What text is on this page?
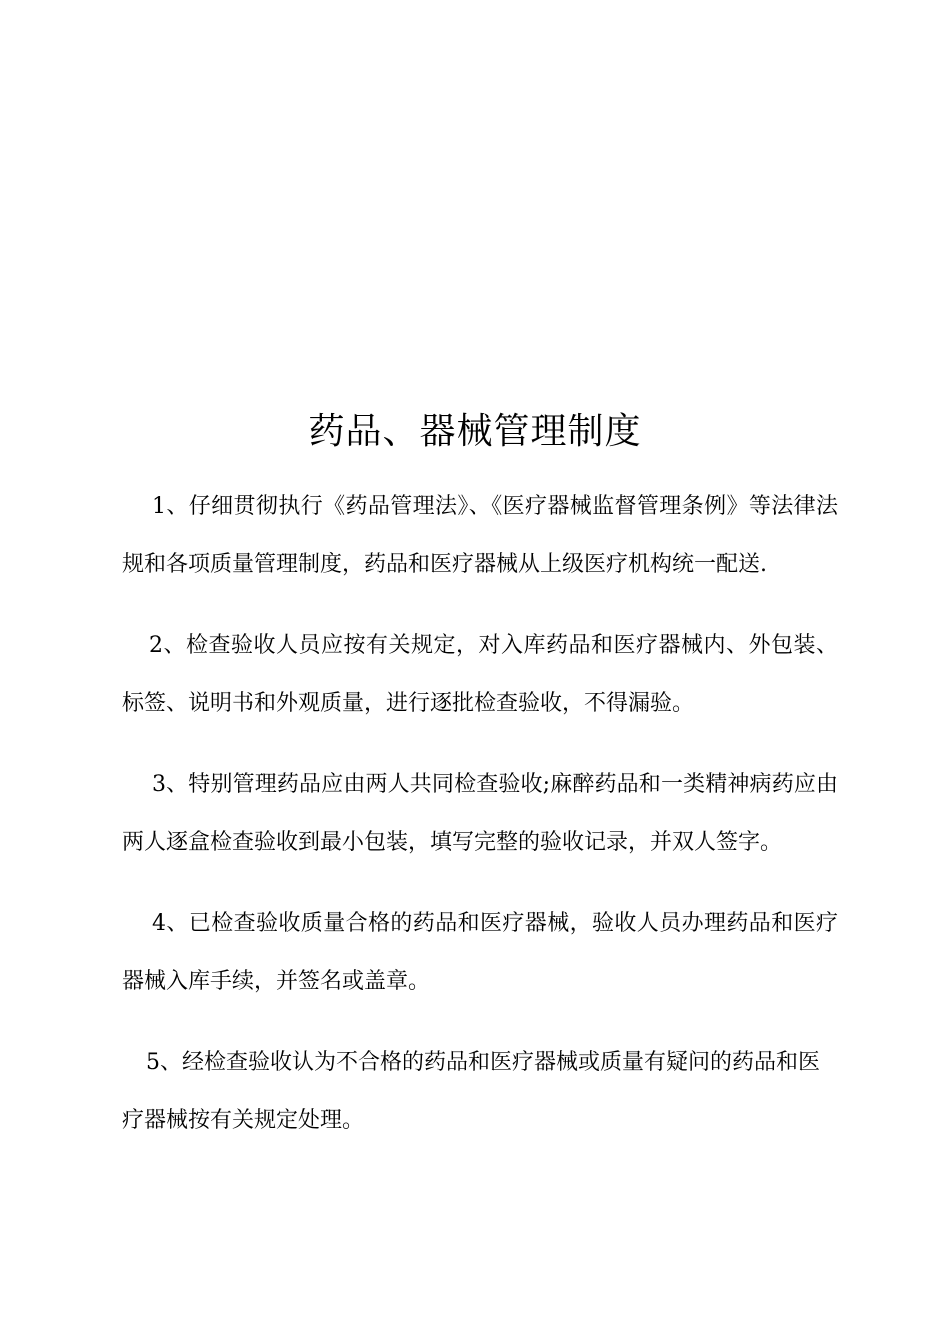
药品、器械管理制度

1、仔细贯彻执行《药品管理法》、《医疗器械监督管理条例》等法律法规和各项质量管理制度，药品和医疗器械从上级医疗机构统一配送.

2、检查验收人员应按有关规定，对入库药品和医疗器械内、外包装、标签、说明书和外观质量，进行逐批检查验收，不得漏验。

3、特别管理药品应由两人共同检查验收;麻醉药品和一类精神病药应由两人逐盒检查验收到最小包装，填写完整的验收记录，并双人签字。

4、已检查验收质量合格的药品和医疗器械，验收人员办理药品和医疗器械入库手续，并签名或盖章。

5、经检查验收认为不合格的药品和医疗器械或质量有疑问的药品和医疗器械按有关规定处理。
